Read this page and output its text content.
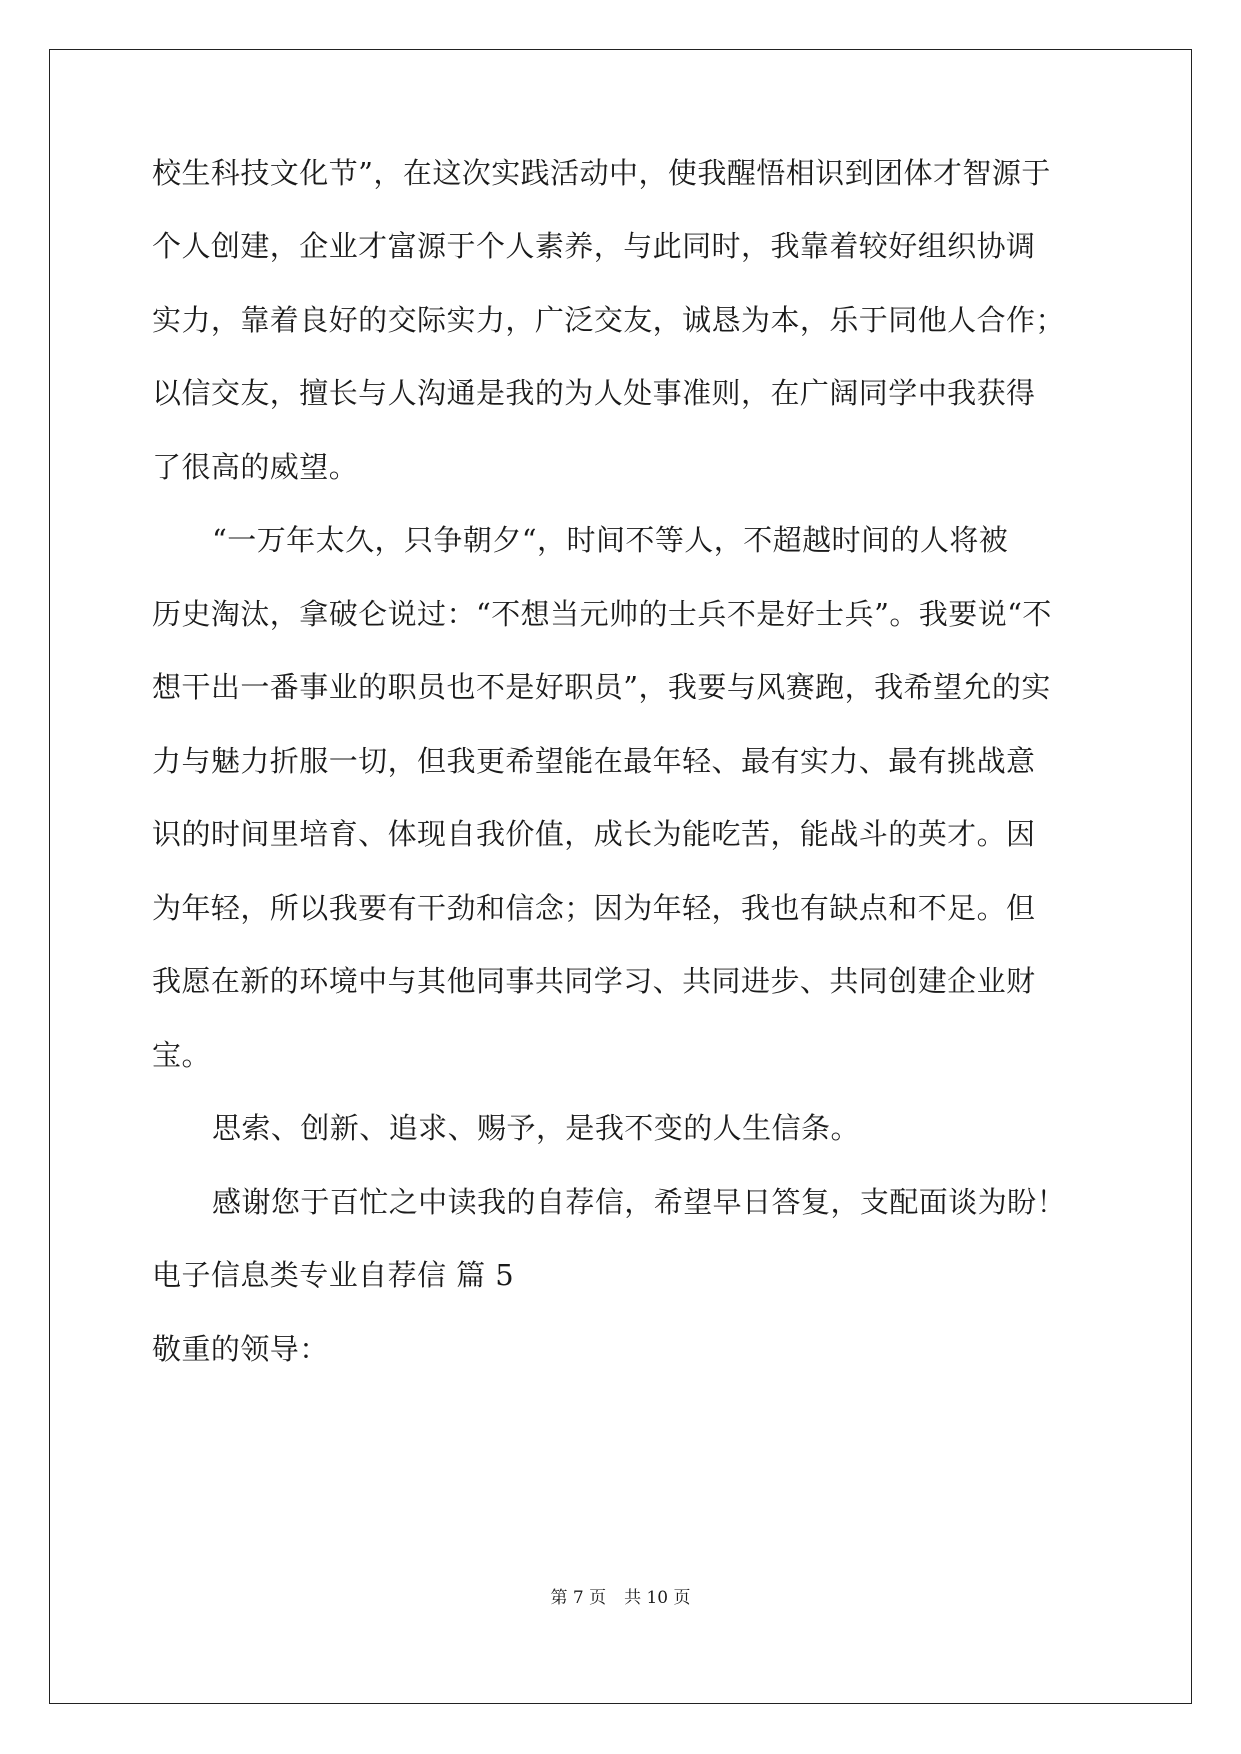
校生科技文化节”，在这次实践活动中，使我醒悟相识到团体才智源于
个人创建，企业才富源于个人素养，与此同时，我靠着较好组织协调
实力，靠着良好的交际实力，广泛交友，诚恳为本，乐于同他人合作；
以信交友，擅长与人沟通是我的为人处事准则，在广阔同学中我获得
了很高的威望。
“一万年太久，只争朝夕“，时间不等人，不超越时间的人将被
历史淘汰，拿破仑说过：“不想当元帅的士兵不是好士兵”。我要说“不
想干出一番事业的职员也不是好职员”，我要与风赛跑，我希望允的实
力与魅力折服一切，但我更希望能在最年轻、最有实力、最有挑战意
识的时间里培育、体现自我价值，成长为能吃苦，能战斗的英才。因
为年轻，所以我要有干劲和信念；因为年轻，我也有缺点和不足。但
我愿在新的环境中与其他同事共同学习、共同进步、共同创建企业财
宝。
思索、创新、追求、赐予，是我不变的人生信条。
感谢您于百忙之中读我的自荐信，希望早日答复，支配面谈为盼！
电子信息类专业自荐信 篇 5
敬重的领导：
第 7 页 共 10 页
